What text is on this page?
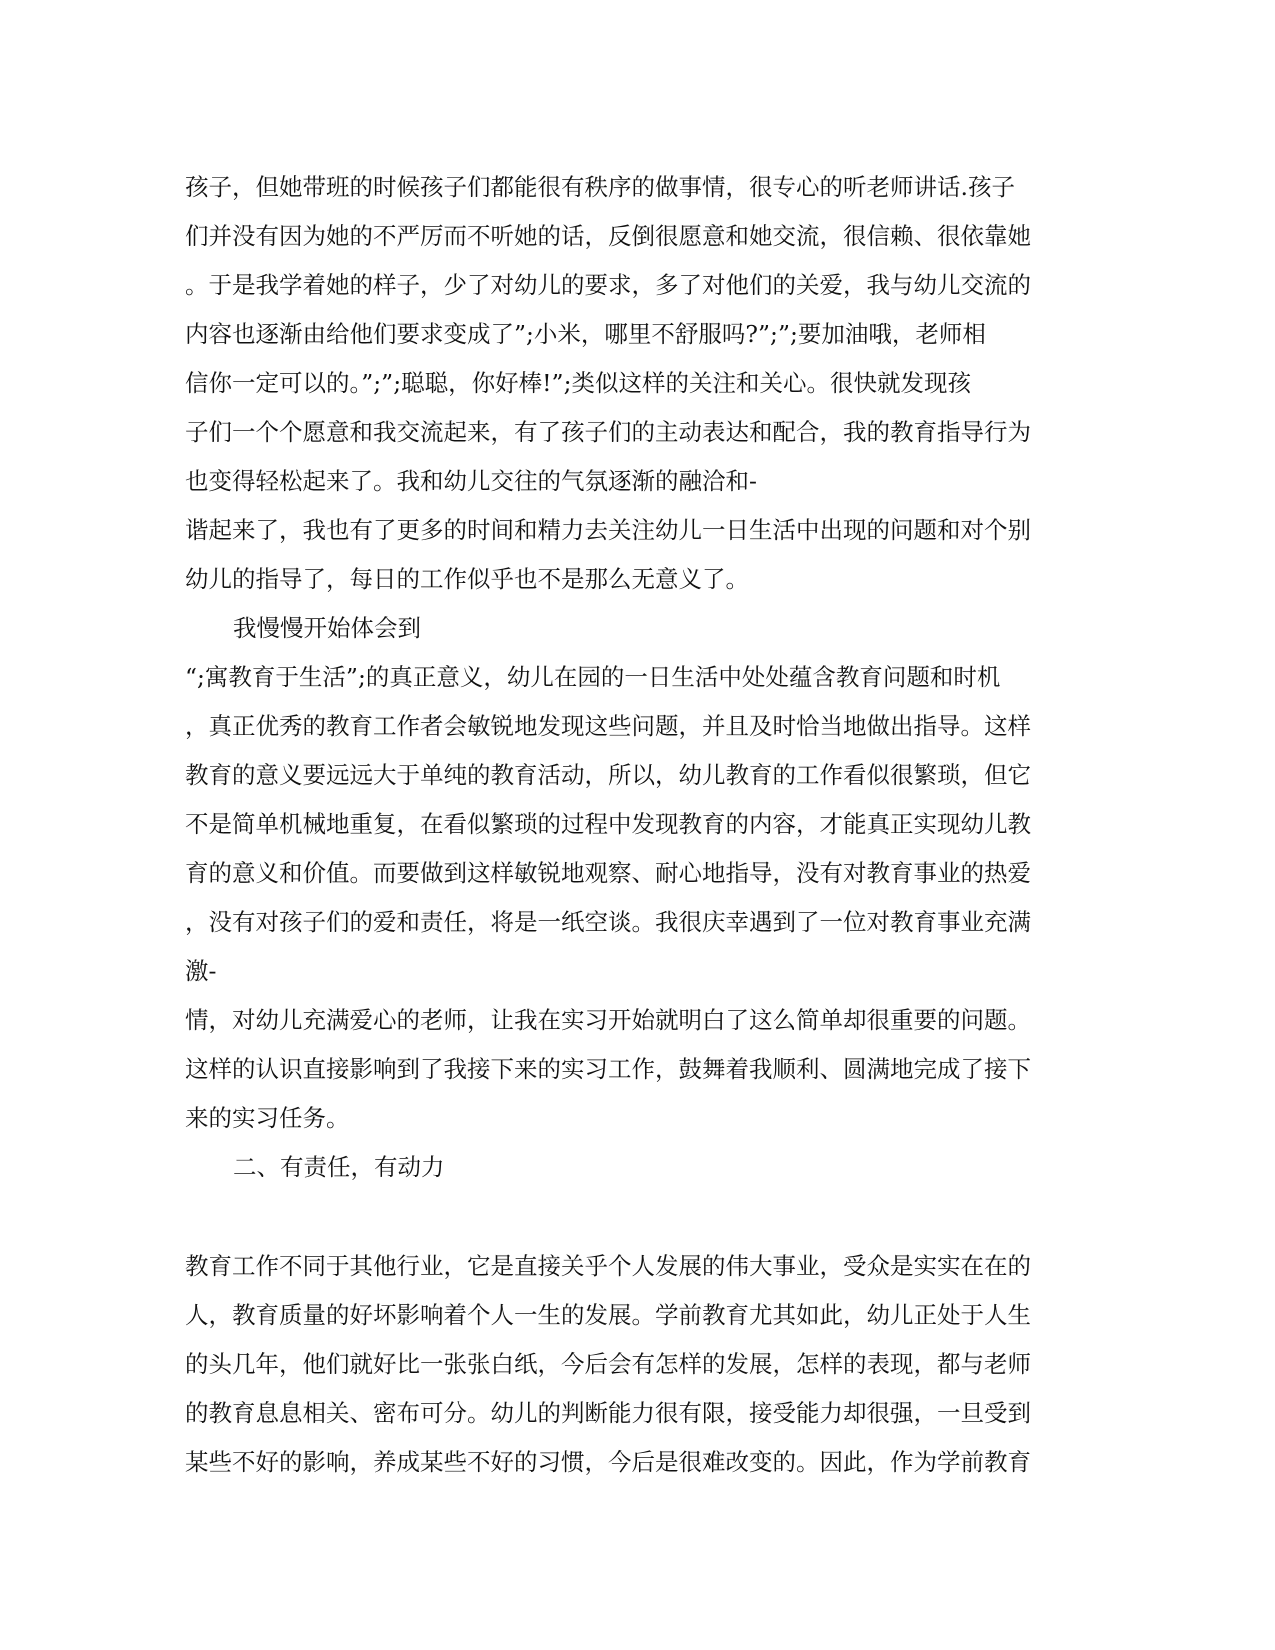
孩子，但她带班的时候孩子们都能很有秩序的做事情，很专心的听老师讲话.孩子
们并没有因为她的不严厉而不听她的话，反倒很愿意和她交流，很信赖、很依靠她
。于是我学着她的样子，少了对幼儿的要求，多了对他们的关爱，我与幼儿交流的
内容也逐渐由给他们要求变成了”;小米，哪里不舒服吗?”;”;要加油哦，老师相
信你一定可以的。”;”;聪聪，你好棒!”;类似这样的关注和关心。很快就发现孩
子们一个个愿意和我交流起来，有了孩子们的主动表达和配合，我的教育指导行为
也变得轻松起来了。我和幼儿交往的气氛逐渐的融洽和-
谐起来了，我也有了更多的时间和精力去关注幼儿一日生活中出现的问题和对个别
幼儿的指导了，每日的工作似乎也不是那么无意义了。
我慢慢开始体会到
“;寓教育于生活”;的真正意义，幼儿在园的一日生活中处处蕴含教育问题和时机
，真正优秀的教育工作者会敏锐地发现这些问题，并且及时恰当地做出指导。这样
教育的意义要远远大于单纯的教育活动，所以，幼儿教育的工作看似很繁琐，但它
不是简单机械地重复，在看似繁琐的过程中发现教育的内容，才能真正实现幼儿教
育的意义和价值。而要做到这样敏锐地观察、耐心地指导，没有对教育事业的热爱
，没有对孩子们的爱和责任，将是一纸空谈。我很庆幸遇到了一位对教育事业充满
激-
情，对幼儿充满爱心的老师，让我在实习开始就明白了这么简单却很重要的问题。
这样的认识直接影响到了我接下来的实习工作，鼓舞着我顺利、圆满地完成了接下
来的实习任务。
二、有责任，有动力
教育工作不同于其他行业，它是直接关乎个人发展的伟大事业，受众是实实在在的
人，教育质量的好坏影响着个人一生的发展。学前教育尤其如此，幼儿正处于人生
的头几年，他们就好比一张张白纸，今后会有怎样的发展，怎样的表现，都与老师
的教育息息相关、密布可分。幼儿的判断能力很有限，接受能力却很强，一旦受到
某些不好的影响，养成某些不好的习惯，今后是很难改变的。因此，作为学前教育
